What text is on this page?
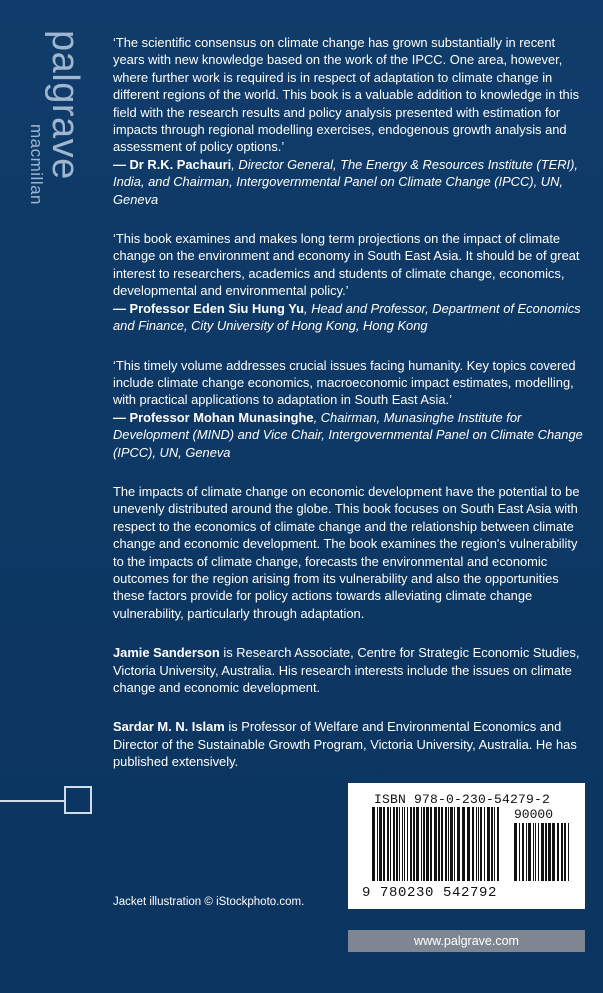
palgrave
macmillan

‘The scientific consensus on climate change has grown substantially in recent years with new knowledge based on the work of the IPCC. One area, however, where further work is required is in respect of adaptation to climate change in different regions of the world. This book is a valuable addition to knowledge in this field with the research results and policy analysis presented with estimation for impacts through regional modelling exercises, endogenous growth analysis and assessment of policy options.’
— Dr R.K. Pachauri, Director General, The Energy & Resources Institute (TERI), India, and Chairman, Intergovernmental Panel on Climate Change (IPCC), UN, Geneva

‘This book examines and makes long term projections on the impact of climate change on the environment and economy in South East Asia. It should be of great interest to researchers, academics and students of climate change, economics, developmental and environmental policy.’
— Professor Eden Siu Hung Yu, Head and Professor, Department of Economics and Finance, City University of Hong Kong, Hong Kong

‘This timely volume addresses crucial issues facing humanity. Key topics covered include climate change economics, macroeconomic impact estimates, modelling, with practical applications to adaptation in South East Asia.’
— Professor Mohan Munasinghe, Chairman, Munasinghe Institute for Development (MIND) and Vice Chair, Intergovernmental Panel on Climate Change (IPCC), UN, Geneva

The impacts of climate change on economic development have the potential to be unevenly distributed around the globe. This book focuses on South East Asia with respect to the economics of climate change and the relationship between climate change and economic development. The book examines the region's vulnerability to the impacts of climate change, forecasts the environmental and economic outcomes for the region arising from its vulnerability and also the opportunities these factors provide for policy actions towards alleviating climate change vulnerability, particularly through adaptation.

Jamie Sanderson is Research Associate, Centre for Strategic Economic Studies, Victoria University, Australia. His research interests include the issues on climate change and economic development.

Sardar M. N. Islam is Professor of Welfare and Environmental Economics and Director of the Sustainable Growth Program, Victoria University, Australia. He has published extensively.

ISBN 978-0-230-54279-2
90000
9 780230 542792
Jacket illustration © iStockphoto.com.
www.palgrave.com
